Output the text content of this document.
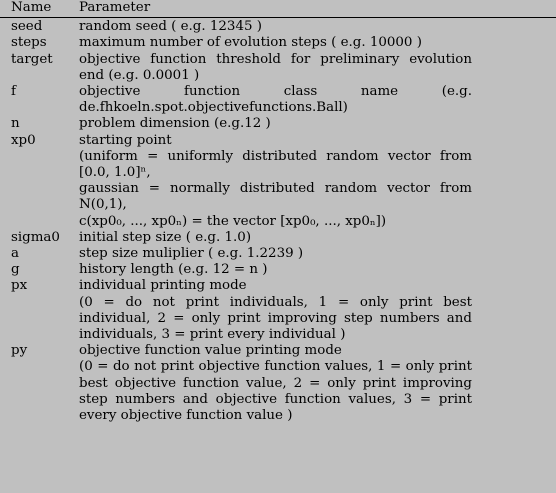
Name	Parameter
seed	random seed ( e.g. 12345 )

steps	maximum number of evolution steps ( e.g. 10000 )

target	objective function threshold for preliminary evolution end (e.g. 0.0001 )

f	objective function class name (e.g. de.fhkoeln.spot.objectivefunctions.Ball)

n	problem dimension (e.g.12 )

xp0	starting point
(uniform = uniformly distributed random vector from [0.0, 1.0]ⁿ,
gaussian = normally distributed random vector from N(0,1),
c(xp0₀, ..., xp0ₙ) = the vector [xp0₀, ..., xp0ₙ])

sigma0	initial step size ( e.g. 1.0)

a	step size muliplier ( e.g. 1.2239 )

g	history length (e.g. 12 = n )

px	individual printing mode
(0 = do not print individuals, 1 = only print best individual, 2 = only print improving step numbers and individuals, 3 = print every individual )

py	objective function value printing mode
(0 = do not print objective function values, 1 = only print best objective function value, 2 = only print improving step numbers and objective function values, 3 = print every objective function value )
